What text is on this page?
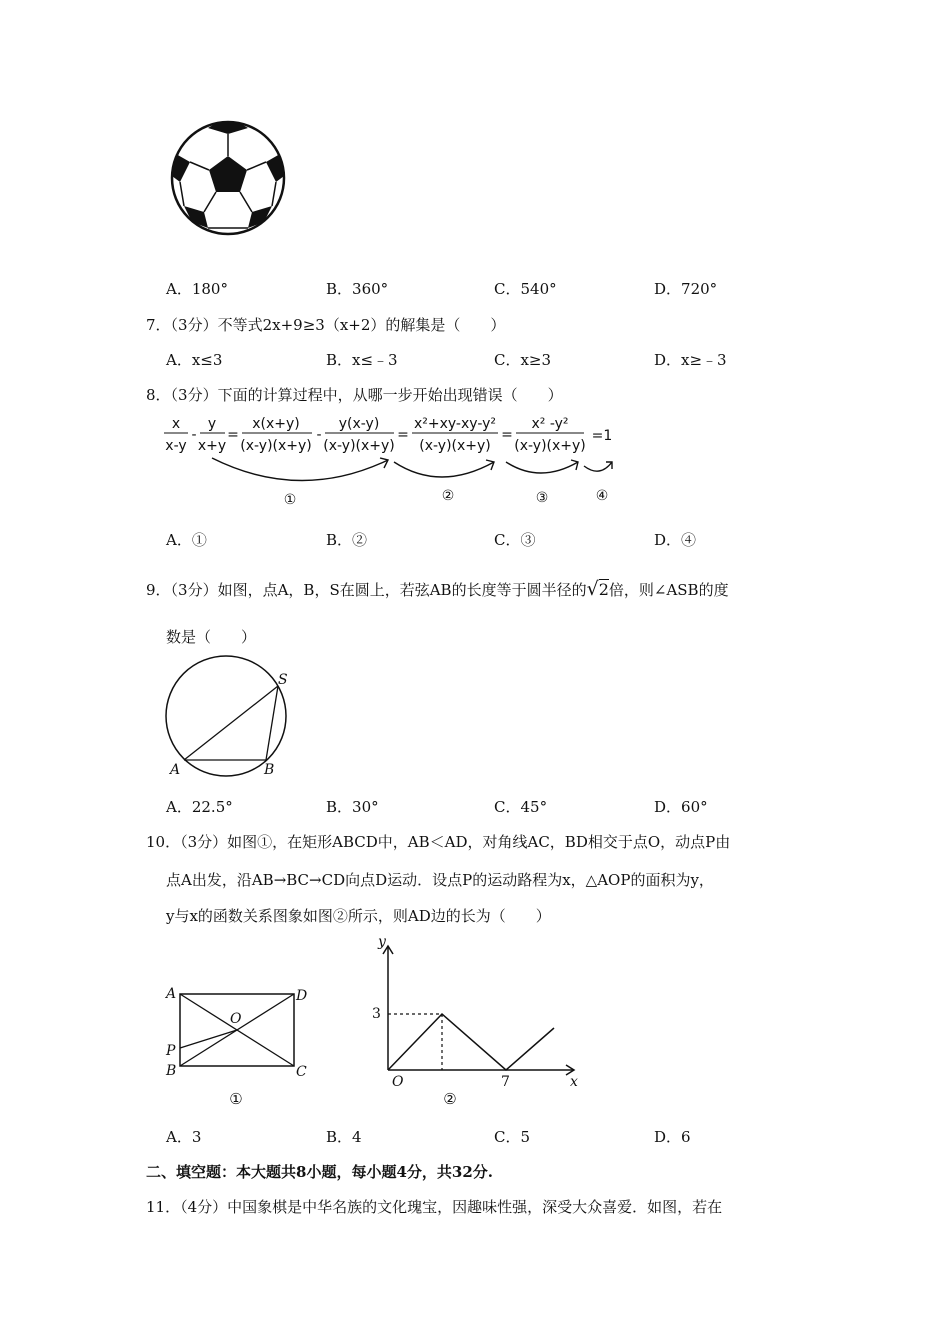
A．180°	B．360°	C．540°	D．720°
7．（3分）不等式2x+9≥3（x+2）的解集是（　　）
A．x≤3	B．x≤﹣3	C．x≥3	D．x≥﹣3
8．（3分）下面的计算过程中，从哪一步开始出现错误（　　）
x
x-y
-
y
x+y
=
x(x+y)
(x-y)(x+y)
-
y(x-y)
(x-y)(x+y)
=
x²+xy-xy-y²
(x-y)(x+y)
=
x² -y²
(x-y)(x+y)
=1
①	②	③	④
A．①	B．②	C．③	D．④
9．（3分）如图，点A，B，S在圆上，若弦AB的长度等于圆半径的√2倍，则∠ASB的度
数是（　　）
A	B
S
A．22.5°	B．30°	C．45°	D．60°
10．（3分）如图①，在矩形ABCD中，AB＜AD，对角线AC，BD相交于点O，动点P由
点A出发，沿AB→BC→CD向点D运动．设点P的运动路程为x，△AOP的面积为y，
y与x的函数关系图象如图②所示，则AD边的长为（　　）
A
B	C
D
O
P
①
y
x
3
O	7
②
A．3	B．4	C．5	D．6
二、填空题：本大题共8小题，每小题4分，共32分.
11．（4分）中国象棋是中华名族的文化瑰宝，因趣味性强，深受大众喜爱．如图，若在
